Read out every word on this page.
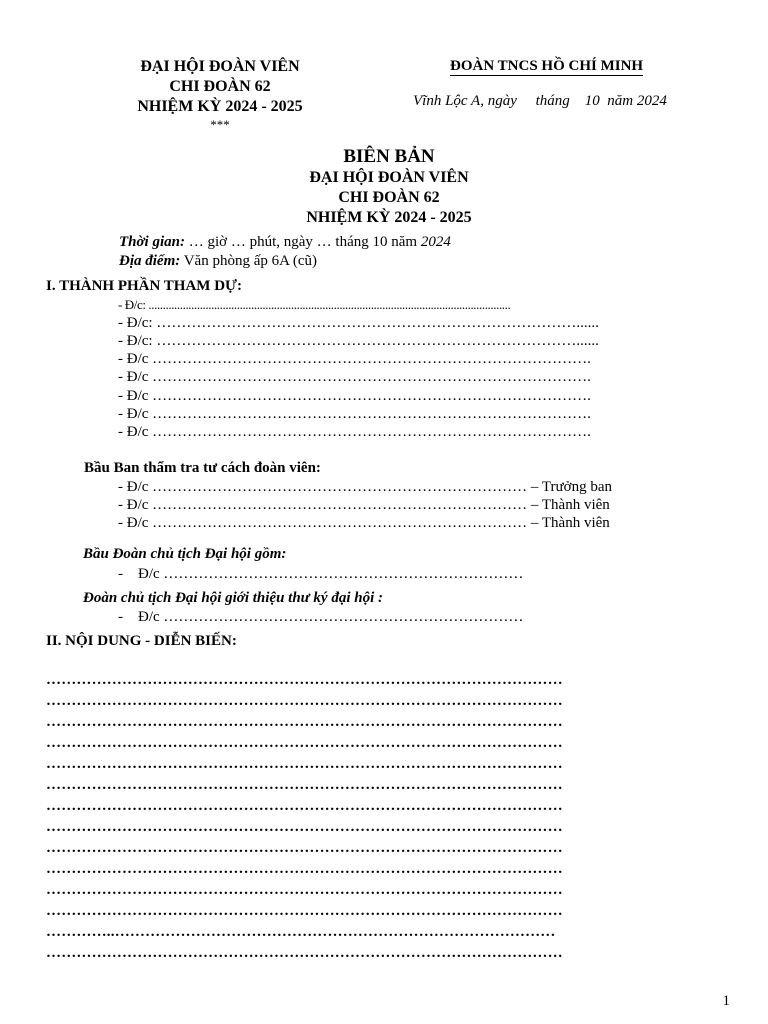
ĐẠI HỘI ĐOÀN VIÊN
CHI ĐOÀN 62
NHIỆM KỲ 2024 - 2025
***
ĐOÀN TNCS HỒ CHÍ MINH
Vĩnh Lộc A, ngày     tháng    10  năm 2024
BIÊN BẢN
ĐẠI HỘI ĐOÀN VIÊN
CHI ĐOÀN 62
NHIỆM KỲ 2024 - 2025
Thời gian: … giờ … phút, ngày … tháng 10 năm 2024
Địa điểm: Văn phòng ấp 6A (cũ)
I. THÀNH PHẦN THAM DỰ:
- Đ/c: ...............................................................................................................................
- Đ/c: …………………………………………………………………………......
- Đ/c: …………………………………………………………………………......
- Đ/c …………………………………………………………………………….
- Đ/c …………………………………………………………………………….
- Đ/c …………………………………………………………………………….
- Đ/c …………………………………………………………………………….
- Đ/c …………………………………………………………………………….
Bầu Ban thẩm tra tư cách đoàn viên:
- Đ/c ………………………………………………………………… – Trưởng ban
- Đ/c ………………………………………………………………… – Thành viên
- Đ/c ………………………………………………………………… – Thành viên
Bầu Đoàn chủ tịch Đại hội gồm:
-    Đ/c ………………………………………………………………
Đoàn chủ tịch Đại hội giới thiệu thư ký đại hội :
-    Đ/c ………………………………………………………………
II. NỘI DUNG - DIỄN BIẾN:
…………………………………………………………………………………………
…………………………………………………………………………………………
…………………………………………………………………………………………
…………………………………………………………………………………………
…………………………………………………………………………………………
…………………………………………………………………………………………
…………………………………………………………………………………………
…………………………………………………………………………………………
…………………………………………………………………………………………
…………………………………………………………………………………………
…………………………………………………………………………………………
…………………………………………………………………………………………
…………..……………………………………………………………………………
…………………………………………………………………………………………
1
